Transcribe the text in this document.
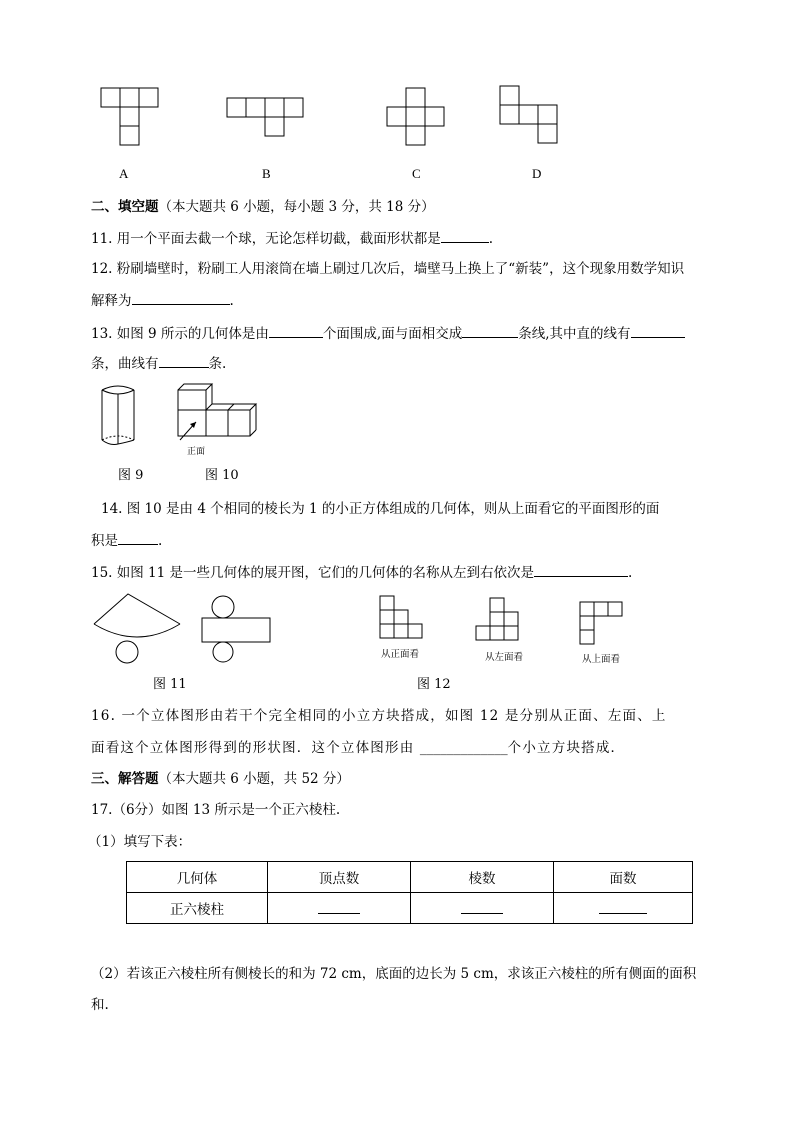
A	B	C	D
二、填空题（本大题共 6 小题，每小题 3 分，共 18 分）
11. 用一个平面去截一个球，无论怎样切截，截面形状都是	.
12. 粉刷墙壁时，粉刷工人用滚筒在墙上刷过几次后，墙壁马上换上了“新装”，这个现象用数学知识
解释为	.
13. 如图 9 所示的几何体是由	个面围成,面与面相交成	条线,其中直的线有
条，曲线有	条.
图 9
正面
图 10
14. 图 10 是由 4 个相同的棱长为 1 的小正方体组成的几何体，则从上面看它的平面图形的面
积是	.
15. 如图 11 是一些几何体的展开图，它们的几何体的名称从左到右依次是	.
图 11
从正面看	从左面看	从上面看
图 12
16. 一个立体图形由若干个完全相同的小立方块搭成，如图 12 是分别从正面、左面、上
面看这个立体图形得到的形状图．这个立体图形由 _____________个小立方块搭成．
三、解答题（本大题共 6 小题，共 52 分）
17.（6分）如图 13 所示是一个正六棱柱.
（1）填写下表：
几何体	顶点数	棱数	面数
正六棱柱			
（2）若该正六棱柱所有侧棱长的和为 72 cm，底面的边长为 5 cm，求该正六棱柱的所有侧面的面积
和.
